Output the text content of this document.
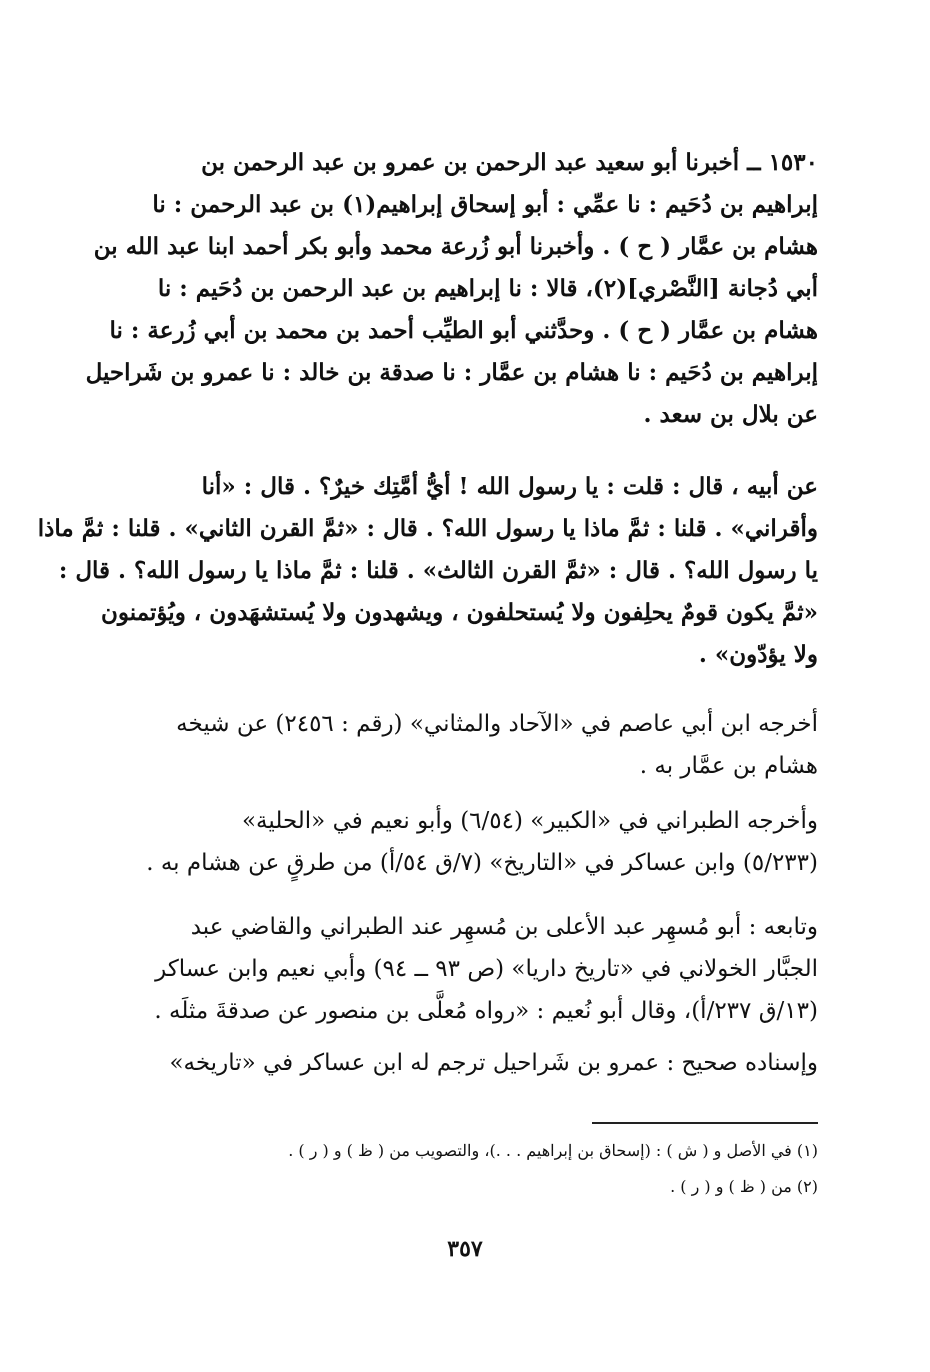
١٥٣٠ ــ أخبرنا أبو سعيد عبد الرحمن بن عمرو بن عبد الرحمن بن
إبراهيم بن دُحَيم : نا عمِّي : أبو إسحاق إبراهيم(١) بن عبد الرحمن : نا
هشام بن عمَّار ( ح ) . وأخبرنا أبو زُرعة محمد وأبو بكر أحمد ابنا عبد الله بن
أبي دُجانة [النَّصْري](٢)، قالا : نا إبراهيم بن عبد الرحمن بن دُحَيم : نا
هشام بن عمَّار ( ح ) . وحدَّثني أبو الطيِّب أحمد بن محمد بن أبي زُرعة : نا
إبراهيم بن دُحَيم : نا هشام بن عمَّار : نا صدقة بن خالد : نا عمرو بن شَراحيل
عن بلال بن سعد .
عن أبيه ، قال : قلت : يا رسول الله ! أيُّ أمَّتِك خيرٌ؟ . قال : «أنا
وأقراني» . قلنا : ثمَّ ماذا يا رسول الله؟ . قال : «ثمَّ القرن الثاني» . قلنا : ثمَّ ماذا
يا رسول الله؟ . قال : «ثمَّ القرن الثالث» . قلنا : ثمَّ ماذا يا رسول الله؟ . قال :
«ثمَّ يكون قومٌ يحلِفون ولا يُستحلفون ، ويشهدون ولا يُستشهَدون ، ويُؤتمنون
ولا يؤدّون» .
أخرجه ابن أبي عاصم في «الآحاد والمثاني» (رقم : ٢٤٥٦) عن شيخه
هشام بن عمَّار به .
وأخرجه الطبراني في «الكبير» (٦/٥٤) وأبو نعيم في «الحلية»
(٥/٢٣٣) وابن عساكر في «التاريخ» (٧/ق ٥٤/أ) من طرقٍ عن هشام به .
وتابعه : أبو مُسهِر عبد الأعلى بن مُسهِر عند الطبراني والقاضي عبد
الجبَّار الخولاني في «تاريخ داريا» (ص ٩٣ ــ ٩٤) وأبي نعيم وابن عساكر
(١٣/ق ٢٣٧/أ)، وقال أبو نُعيم : «رواه مُعلَّى بن منصور عن صدقةَ مثلَه .
وإسناده صحيح : عمرو بن شَراحيل ترجم له ابن عساكر في «تاريخه»
(١) في الأصل و ( ش ) : (إسحاق بن إبراهيم . . .)، والتصويب من ( ظ ) و ( ر ) .
(٢) من ( ظ ) و ( ر ) .
٣٥٧
